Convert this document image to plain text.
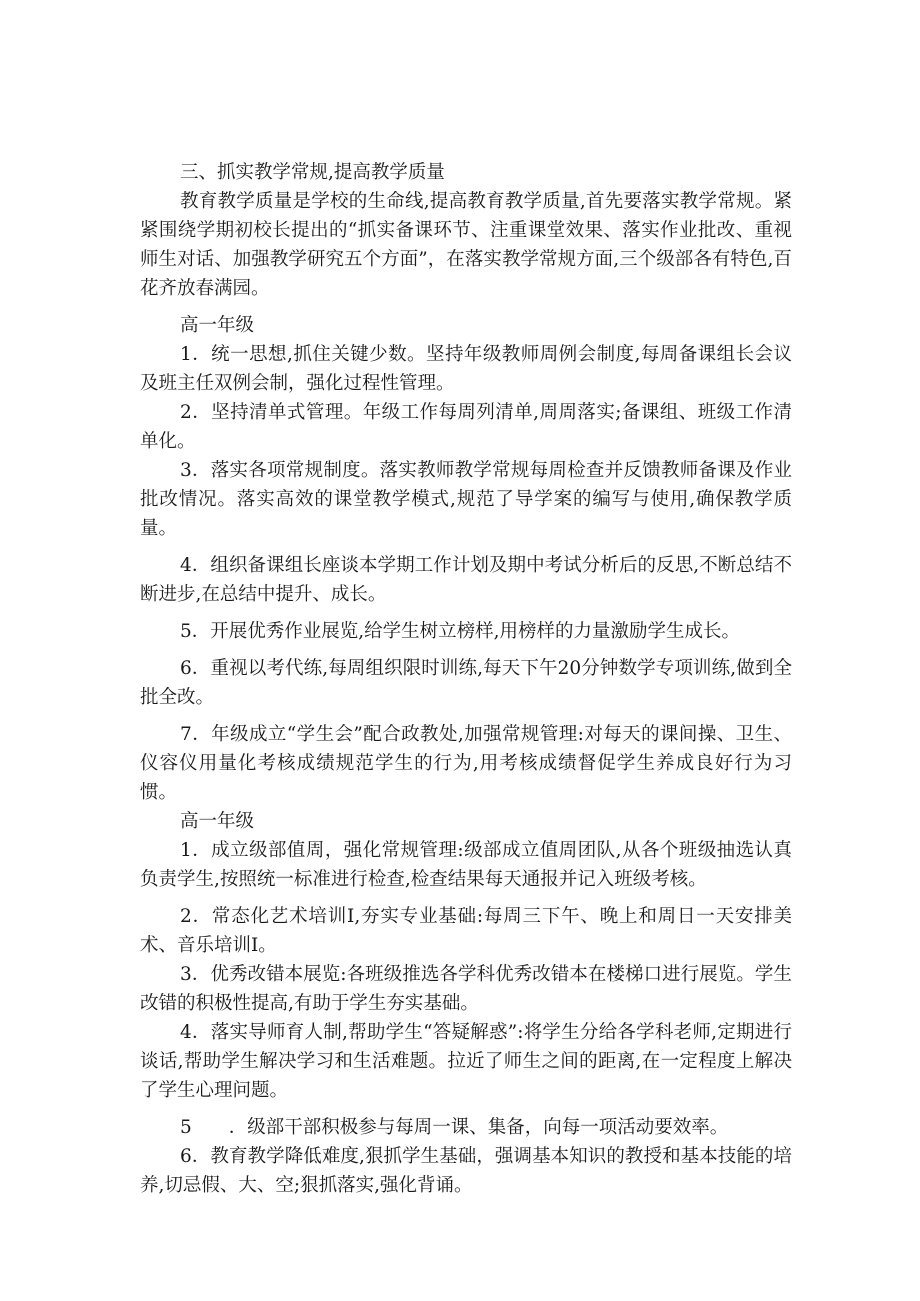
三、抓实教学常规,提高教学质量

教育教学质量是学校的生命线,提高教育教学质量,首先要落实教学常规。紧紧围绕学期初校长提出的“抓实备课环节、注重课堂效果、落实作业批改、重视师生对话、加强教学研究五个方面”，在落实教学常规方面,三个级部各有特色,百花齐放春满园。

高一年级

1．统一思想,抓住关键少数。坚持年级教师周例会制度,每周备课组长会议及班主任双例会制，强化过程性管理。

2．坚持清单式管理。年级工作每周列清单,周周落实;备课组、班级工作清单化。

3．落实各项常规制度。落实教师教学常规每周检查并反馈教师备课及作业批改情况。落实高效的课堂教学模式,规范了导学案的编写与使用,确保教学质量。

4．组织备课组长座谈本学期工作计划及期中考试分析后的反思,不断总结不断进步,在总结中提升、成长。

5．开展优秀作业展览,给学生树立榜样,用榜样的力量激励学生成长。

6．重视以考代练,每周组织限时训练,每天下午20分钟数学专项训练,做到全批全改。

7．年级成立“学生会”配合政教处,加强常规管理:对每天的课间操、卫生、仪容仪用量化考核成绩规范学生的行为,用考核成绩督促学生养成良好行为习惯。

高一年级

1．成立级部值周，强化常规管理:级部成立值周团队,从各个班级抽选认真负责学生,按照统一标准进行检查,检查结果每天通报并记入班级考核。

2．常态化艺术培训I,夯实专业基础:每周三下午、晚上和周日一天安排美术、音乐培训I。

3．优秀改错本展览:各班级推选各学科优秀改错本在楼梯口进行展览。学生改错的积极性提高,有助于学生夯实基础。

4．落实导师育人制,帮助学生“答疑解惑”:将学生分给各学科老师,定期进行谈话,帮助学生解决学习和生活难题。拉近了师生之间的距离,在一定程度上解决了学生心理问题。

5　　．级部干部积极参与每周一课、集备，向每一项活动要效率。

6．教育教学降低难度,狠抓学生基础，强调基本知识的教授和基本技能的培养,切忌假、大、空;狠抓落实,强化背诵。
